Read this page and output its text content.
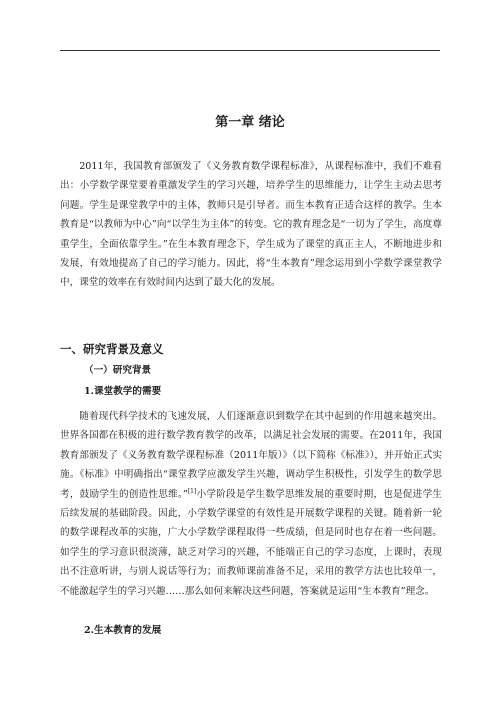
第一章 绪论

2011年，我国教育部颁发了《义务教育数学课程标准》，从课程标准中，我们不难看出：小学数学课堂要着重激发学生的学习兴趣，培养学生的思维能力，让学生主动去思考问题。学生是课堂教学中的主体，教师只是引导者。而生本教育正适合这样的教学。生本教育是“以教师为中心”向“以学生为主体”的转变。它的教育理念是“一切为了学生，高度尊重学生，全面依靠学生。”在生本教育理念下，学生成为了课堂的真正主人，不断地进步和发展，有效地提高了自己的学习能力。因此，将“生本教育”理念运用到小学数学课堂教学中，课堂的效率在有效时间内达到了最大化的发展。

一、研究背景及意义
（一）研究背景
1.课堂教学的需要

随着现代科学技术的飞速发展，人们逐渐意识到数学在其中起到的作用越来越突出。世界各国都在积极的进行数学教育教学的改革，以满足社会发展的需要。在2011年，我国教育部颁发了《义务教育数学课程标准（2011年版）》（以下简称《标准》），并开始正式实施。《标准》中明确指出“课堂教学应激发学生兴趣，调动学生积极性，引发学生的数学思考，鼓励学生的创造性思维。”[1]小学阶段是学生数学思维发展的重要时期，也是促进学生后续发展的基础阶段。因此，小学数学课堂的有效性是开展数学课程的关键。随着新一轮的数学课程改革的实施，广大小学数学课程取得一些成绩，但是同时也存在着一些问题。如学生的学习意识很淡薄，缺乏对学习的兴趣，不能端正自己的学习态度，上课时，表现出不注意听讲，与别人说话等行为；而教师课前准备不足，采用的教学方法也比较单一，不能激起学生的学习兴趣……那么如何来解决这些问题，答案就是运用“生本教育”理念。

2.生本教育的发展
